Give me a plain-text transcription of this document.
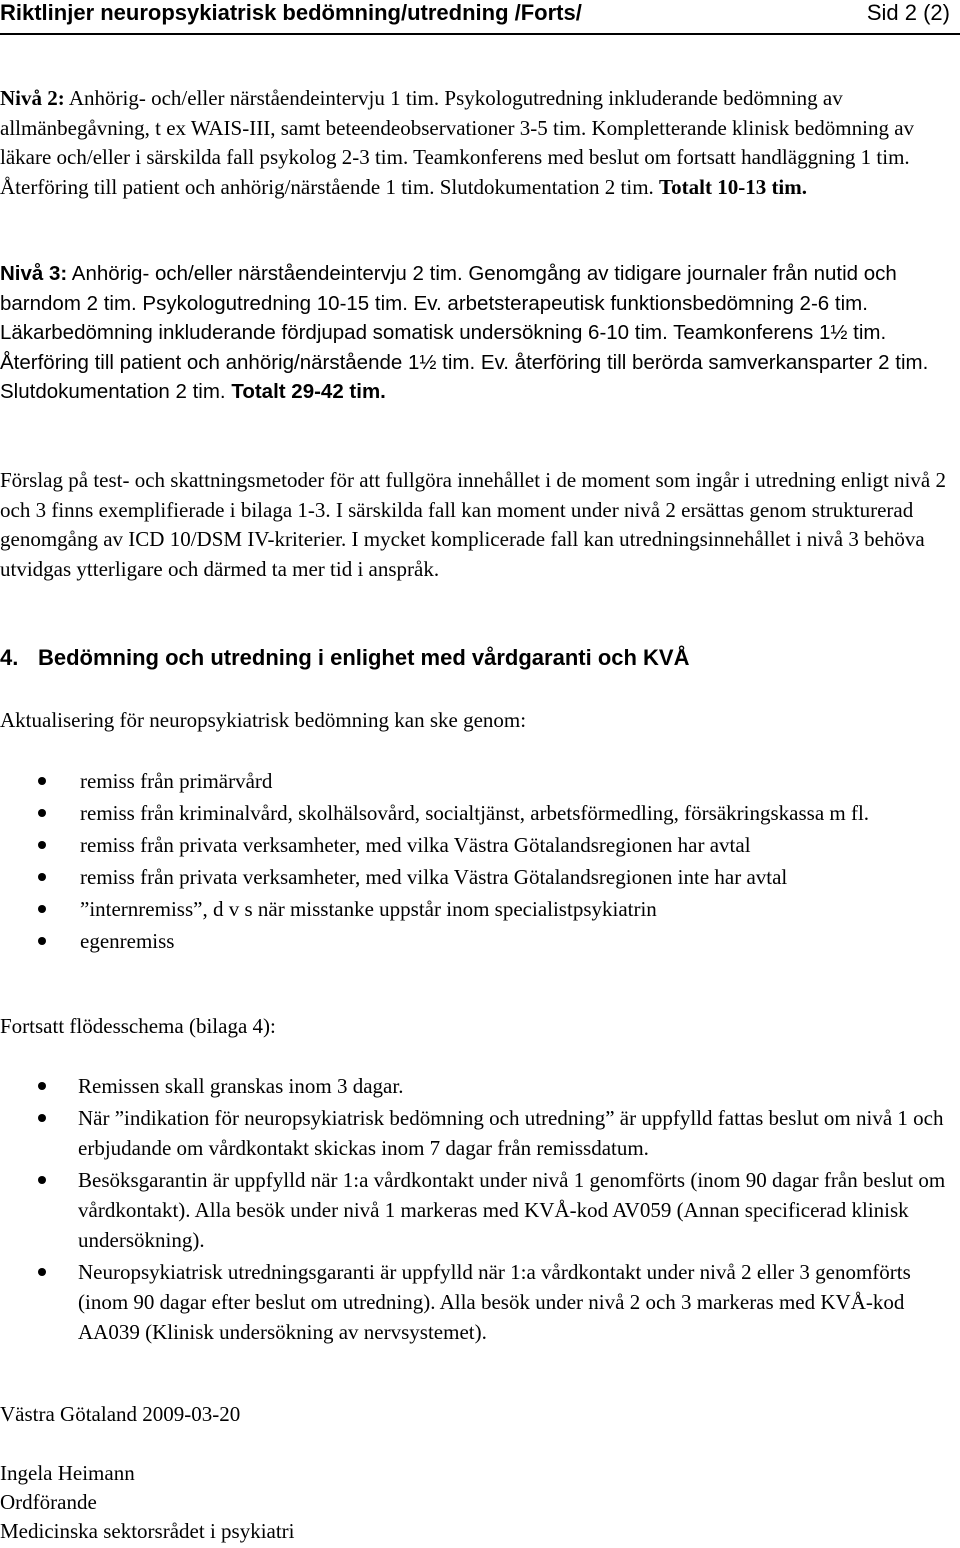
Riktlinjer neuropsykiatrisk bedömning/utredning /Forts/	Sid 2 (2)
Nivå 2: Anhörig- och/eller närståendeintervju 1 tim. Psykologutredning inkluderande bedömning av allmänbegåvning, t ex WAIS-III, samt beteendeobservationer 3-5 tim. Kompletterande klinisk bedömning av läkare och/eller i särskilda fall psykolog 2-3 tim. Teamkonferens med beslut om fortsatt handläggning 1 tim. Återföring till patient och anhörig/närstående 1 tim. Slutdokumentation 2 tim. Totalt 10-13 tim.
Nivå 3: Anhörig- och/eller närståendeintervju 2 tim. Genomgång av tidigare journaler från nutid och barndom 2 tim. Psykologutredning 10-15 tim. Ev. arbetsterapeutisk funktionsbedömning 2-6 tim. Läkarbedömning inkluderande fördjupad somatisk undersökning 6-10 tim. Teamkonferens 1½ tim. Återföring till patient och anhörig/närstående 1½ tim. Ev. återföring till berörda samverkansparter 2 tim. Slutdokumentation 2 tim. Totalt 29-42 tim.
Förslag på test- och skattningsmetoder för att fullgöra innehållet i de moment som ingår i utredning enligt nivå 2 och 3 finns exemplifierade i bilaga 1-3. I särskilda fall kan moment under nivå 2 ersättas genom strukturerad genomgång av ICD 10/DSM IV-kriterier. I mycket komplicerade fall kan utredningsinnehållet i nivå 3 behöva utvidgas ytterligare och därmed ta mer tid i anspråk.
4. Bedömning och utredning i enlighet med vårdgaranti och KVÅ
Aktualisering för neuropsykiatrisk bedömning kan ske genom:
remiss från primärvård
remiss från kriminalvård, skolhälsovård, socialtjänst, arbetsförmedling, försäkringskassa m fl.
remiss från privata verksamheter, med vilka Västra Götalandsregionen har avtal
remiss från privata verksamheter, med vilka Västra Götalandsregionen inte har avtal
”internremiss”, d v s när misstanke uppstår inom specialistpsykiatrin
egenremiss
Fortsatt flödesschema (bilaga 4):
Remissen skall granskas inom 3 dagar.
När ”indikation för neuropsykiatrisk bedömning och utredning” är uppfylld fattas beslut om nivå 1 och erbjudande om vårdkontakt skickas inom 7 dagar från remissdatum.
Besöksgarantin är uppfylld när 1:a vårdkontakt under nivå 1 genomförts (inom 90 dagar från beslut om vårdkontakt). Alla besök under nivå 1 markeras med KVÅ-kod AV059 (Annan specificerad klinisk undersökning).
Neuropsykiatrisk utredningsgaranti är uppfylld när 1:a vårdkontakt under nivå 2 eller 3 genomförts (inom 90 dagar efter beslut om utredning). Alla besök under nivå 2 och 3 markeras med KVÅ-kod AA039 (Klinisk undersökning av nervsystemet).
Västra Götaland 2009-03-20
Ingela Heimann
Ordförande
Medicinska sektorsrådet i psykiatri
